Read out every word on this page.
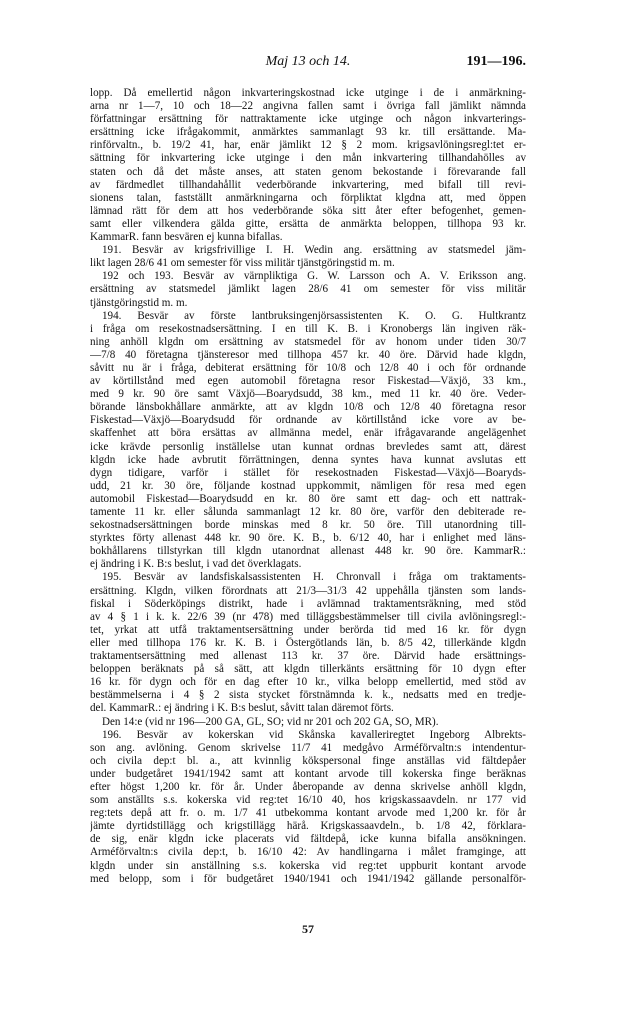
Maj 13 och 14.	191—196.
lopp. Då emellertid någon inkvarteringskostnad icke utginge i de i anmärkning-
arna nr 1—7, 10 och 18—22 angivna fallen samt i övriga fall jämlikt nämnda
författningar ersättning för nattraktamente icke utginge och någon inkvarterings-
ersättning icke ifrågakommit, anmärktes sammanlagt 93 kr. till ersättande. Ma-
rinförvaltn., b. 19/2 41, har, enär jämlikt 12 § 2 mom. krigsavlöningsregl:tet er-
sättning för inkvartering icke utginge i den mån inkvartering tillhandahölles av
staten och då det måste anses, att staten genom bekostande i förevarande fall
av färdmedlet tillhandahållit vederbörande inkvartering, med bifall till revi-
sionens talan, fastställt anmärkningarna och förpliktat klgdna att, med öppen
lämnad rätt för dem att hos vederbörande söka sitt åter efter befogenhet, gemen-
samt eller vilkendera gälda gitte, ersätta de anmärkta beloppen, tillhopa 93 kr.
KammarR. fann besvären ej kunna bifallas.
191. Besvär av krigsfrivillige I. H. Wedin ang. ersättning av statsmedel jäm-
likt lagen 28/6 41 om semester för viss militär tjänstgöringstid m. m.
192 och 193. Besvär av värnpliktiga G. W. Larsson och A. V. Eriksson ang.
ersättning av statsmedel jämlikt lagen 28/6 41 om semester för viss militär
tjänstgöringstid m. m.
194. Besvär av förste lantbruksingenjörsassistenten K. O. G. Hultkrantz
i fråga om resekostnadsersättning. I en till K. B. i Kronobergs län ingiven räk-
ning anhöll klgdn om ersättning av statsmedel för av honom under tiden 30/7
—7/8 40 företagna tjänsteresor med tillhopa 457 kr. 40 öre. Därvid hade klgdn,
såvitt nu är i fråga, debiterat ersättning för 10/8 och 12/8 40 i och för ordnande
av körtillstånd med egen automobil företagna resor Fiskestad—Växjö, 33 km.,
med 9 kr. 90 öre samt Växjö—Boarydsudd, 38 km., med 11 kr. 40 öre. Veder-
börande länsbokhållare anmärkte, att av klgdn 10/8 och 12/8 40 företagna resor
Fiskestad—Växjö—Boarydsudd för ordnande av körtillstånd icke vore av be-
skaffenhet att böra ersättas av allmänna medel, enär ifrågavarande angelägenhet
icke krävde personlig inställelse utan kunnat ordnas brevledes samt att, därest
klgdn icke hade avbrutit förrättningen, denna syntes hava kunnat avslutas ett
dygn tidigare, varför i stället för resekostnaden Fiskestad—Växjö—Boaryds-
udd, 21 kr. 30 öre, följande kostnad uppkommit, nämligen för resa med egen
automobil Fiskestad—Boarydsudd en kr. 80 öre samt ett dag- och ett nattrak-
tamente 11 kr. eller sålunda sammanlagt 12 kr. 80 öre, varför den debiterade re-
sekostnadsersättningen borde minskas med 8 kr. 50 öre. Till utanordning till-
styrktes förty allenast 448 kr. 90 öre. K. B., b. 6/12 40, har i enlighet med läns-
bokhållarens tillstyrkan till klgdn utanordnat allenast 448 kr. 90 öre. KammarR.:
ej ändring i K. B:s beslut, i vad det överklagats.
195. Besvär av landsfiskalsassistenten H. Chronvall i fråga om traktaments-
ersättning. Klgdn, vilken förordnats att 21/3—31/3 42 uppehålla tjänsten som lands-
fiskal i Söderköpings distrikt, hade i avlämnad traktamentsräkning, med stöd
av 4 § 1 i k. k. 22/6 39 (nr 478) med tilläggsbestämmelser till civila avlöningsregl:-
tet, yrkat att utfå traktamentsersättning under berörda tid med 16 kr. för dygn
eller med tillhopa 176 kr. K. B. i Östergötlands län, b. 8/5 42, tillerkände klgdn
traktamentsersättning med allenast 113 kr. 37 öre. Därvid hade ersättnings-
beloppen beräknats på så sätt, att klgdn tillerkänts ersättning för 10 dygn efter
16 kr. för dygn och för en dag efter 10 kr., vilka belopp emellertid, med stöd av
bestämmelserna i 4 § 2 sista stycket förstnämnda k. k., nedsatts med en tredje-
del. KammarR.: ej ändring i K. B:s beslut, såvitt talan däremot förts.
Den 14:e (vid nr 196—200 GA, GL, SO; vid nr 201 och 202 GA, SO, MR).
196. Besvär av kokerskan vid Skånska kavalleriregtet Ingeborg Albrekts-
son ang. avlöning. Genom skrivelse 11/7 41 medgåvo Arméförvaltn:s intendentur-
och civila dep:t bl. a., att kvinnlig kökspersonal finge anställas vid fältdepåer
under budgetåret 1941/1942 samt att kontant arvode till kokerska finge beräknas
efter högst 1,200 kr. för år. Under åberopande av denna skrivelse anhöll klgdn,
som anställts s.s. kokerska vid reg:tet 16/10 40, hos krigskassaavdeln. nr 177 vid
reg:tets depå att fr. o. m. 1/7 41 utbekomma kontant arvode med 1,200 kr. för år
jämte dyrtidstillägg och krigstillägg härå. Krigskassaavdeln., b. 1/8 42, förklara-
de sig, enär klgdn icke placerats vid fältdepå, icke kunna bifalla ansökningen.
Arméförvaltn:s civila dep:t, b. 16/10 42: Av handlingarna i målet framginge, att
klgdn under sin anställning s.s. kokerska vid reg:tet uppburit kontant arvode
med belopp, som i för budgetåret 1940/1941 och 1941/1942 gällande personalför-
57
